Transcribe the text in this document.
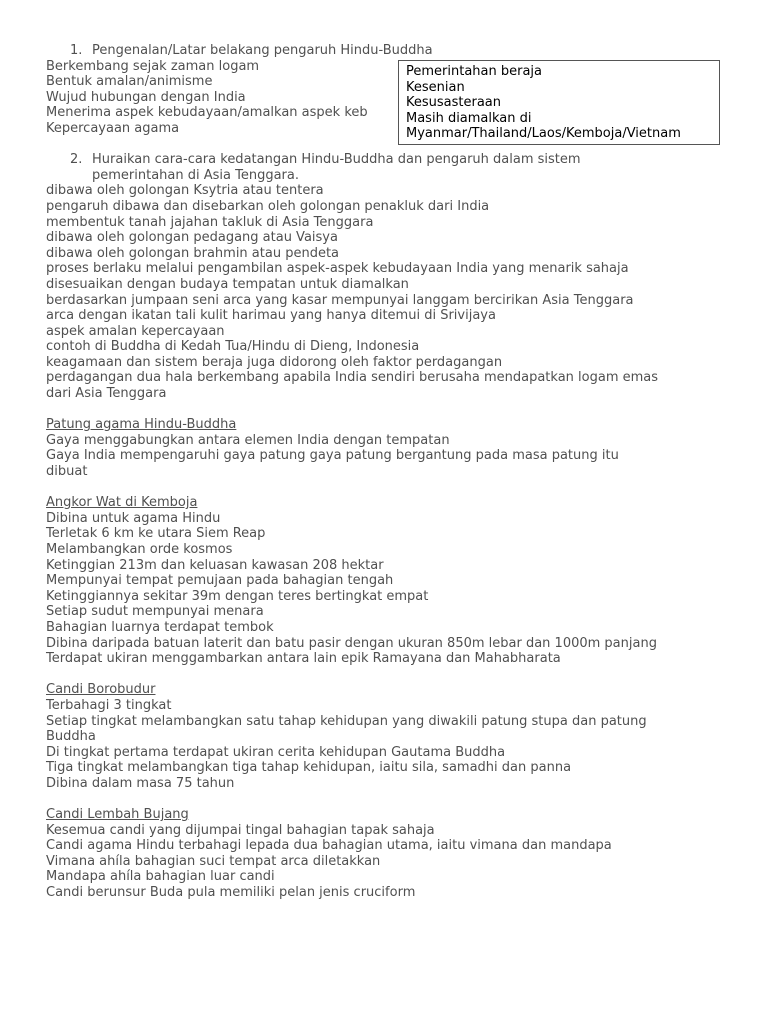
1. Pengenalan/Latar belakang pengaruh Hindu-Buddha
Berkembang sejak zaman logam
Bentuk amalan/animisme
Wujud hubungan dengan India
Menerima aspek kebudayaan/amalkan aspek keb
Kepercayaan agama
2. Huraikan cara-cara kedatangan Hindu-Buddha dan pengaruh dalam sistem
pemerintahan di Asia Tenggara.
dibawa oleh golongan Ksytria atau tentera
pengaruh dibawa dan disebarkan oleh golongan penakluk dari India
membentuk tanah jajahan takluk di Asia Tenggara
dibawa oleh golongan pedagang atau Vaisya
dibawa oleh golongan brahmin atau pendeta
proses berlaku melalui pengambilan aspek-aspek kebudayaan India yang menarik sahaja
disesuaikan dengan budaya tempatan untuk diamalkan
berdasarkan jumpaan seni arca yang kasar mempunyai langgam bercirikan Asia Tenggara
arca dengan ikatan tali kulit harimau yang hanya ditemui di Srivijaya
aspek amalan kepercayaan
contoh di Buddha di Kedah Tua/Hindu di Dieng, Indonesia
keagamaan dan sistem beraja juga didorong oleh faktor perdagangan
perdagangan dua hala berkembang apabila India sendiri berusaha mendapatkan logam emas
dari Asia Tenggara
Patung agama Hindu-Buddha
Gaya menggabungkan antara elemen India dengan tempatan
Gaya India mempengaruhi gaya patung gaya patung bergantung pada masa patung itu
dibuat
Angkor Wat di Kemboja
Dibina untuk agama Hindu
Terletak 6 km ke utara Siem Reap
Melambangkan orde kosmos
Ketinggian 213m dan keluasan kawasan 208 hektar
Mempunyai tempat pemujaan pada bahagian tengah
Ketinggiannya sekitar 39m dengan teres bertingkat empat
Setiap sudut mempunyai menara
Bahagian luarnya terdapat tembok
Dibina daripada batuan laterit dan batu pasir dengan ukuran 850m lebar dan 1000m panjang
Terdapat ukiran menggambarkan antara lain epik Ramayana dan Mahabharata
Candi Borobudur
Terbahagi 3 tingkat
Setiap tingkat melambangkan satu tahap kehidupan yang diwakili patung stupa dan patung
Buddha
Di tingkat pertama terdapat ukiran cerita kehidupan Gautama Buddha
Tiga tingkat melambangkan tiga tahap kehidupan, iaitu sila, samadhi dan panna
Dibina dalam masa 75 tahun
Candi Lembah Bujang
Kesemua candi yang dijumpai tingal bahagian tapak sahaja
Candi agama Hindu terbahagi lepada dua bahagian utama, iaitu vimana dan mandapa
Vimana ahíla bahagian suci tempat arca diletakkan
Mandapa ahíla bahagian luar candi
Candi berunsur Buda pula memiliki pelan jenis cruciform
Pemerintahan beraja
Kesenian
Kesusasteraan
Masih diamalkan di
Myanmar/Thailand/Laos/Kemboja/Vietnam
